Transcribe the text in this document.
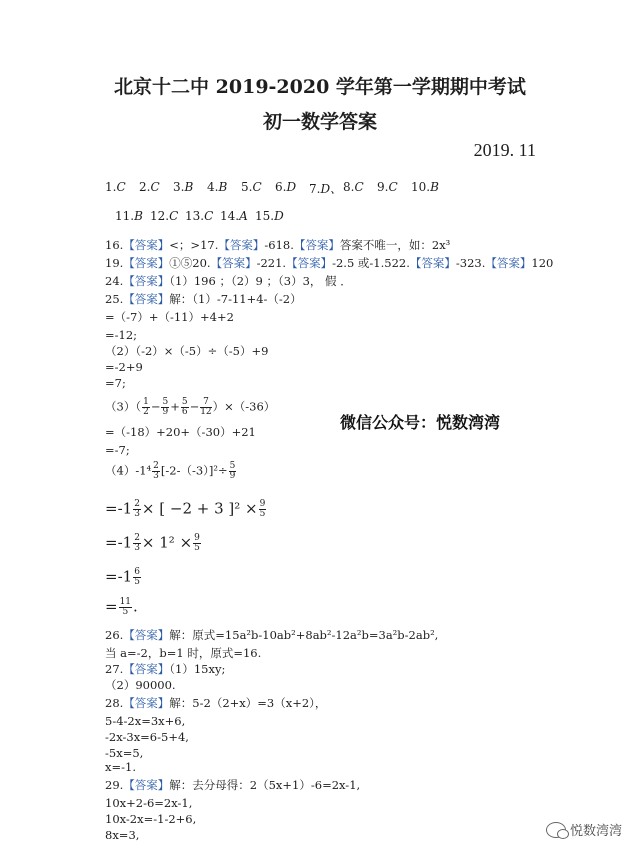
北京十二中 2019-2020 学年第一学期期中考试
初一数学答案
2019. 11
1.C 2.C 3.B 4.B 5.C 6.D 7.D、 8.C 9.C 10.B
11.B 12.C 13.C 14.A 15.D
16.【答案】<；>17.【答案】-618.【答案】答案不唯一，如：2x³
19.【答案】①⑤20.【答案】-221.【答案】-2.5 或-1.522.【答案】-323.【答案】120
24.【答案】（1）196 ；（2）9 ；（3）3， 假 ．
25.【答案】解：（1）-7-11+4-（-2）
=（-7）+（-11）+4+2
=-12;
（2）（-2）×（-5）÷（-5）+9
=-2+9
=7;
$(3)( \frac{1}{2} - \frac{5}{9} + \frac{5}{6} - \frac{7}{12} )\times(-36)$
=（-18）+20+（-30）+21
=-7;
$(4)-1^4 \frac{2}{3} [-2-(-3)]^2\div \frac{5}{9}$
$=-1 \frac{2}{3}$ × [ −2 + 3 ]$^2 \times \frac{9}{5}$
$=-1 \frac{2}{3} \times 1^2 \times \frac{9}{5}$
$=-1 \frac{6}{5}$
= $\frac{11}{5}$ .
26.【答案】解：原式=15a²b-10ab²+8ab²-12a²b=3a²b-2ab²,
当 a=-2，b=1 时，原式=16.
27.【答案】（1）15xy;
（2）90000.
28.【答案】解：5-2（2+x）=3（x+2），
5-4-2x=3x+6,
-2x-3x=6-5+4,
-5x=5,
x=-1.
29.【答案】解：去分母得：2（5x+1）-6=2x-1,
10x+2-6=2x-1,
10x-2x=-1-2+6,
8x=3,
微信公众号：悦数湾湾
悦数湾湾
